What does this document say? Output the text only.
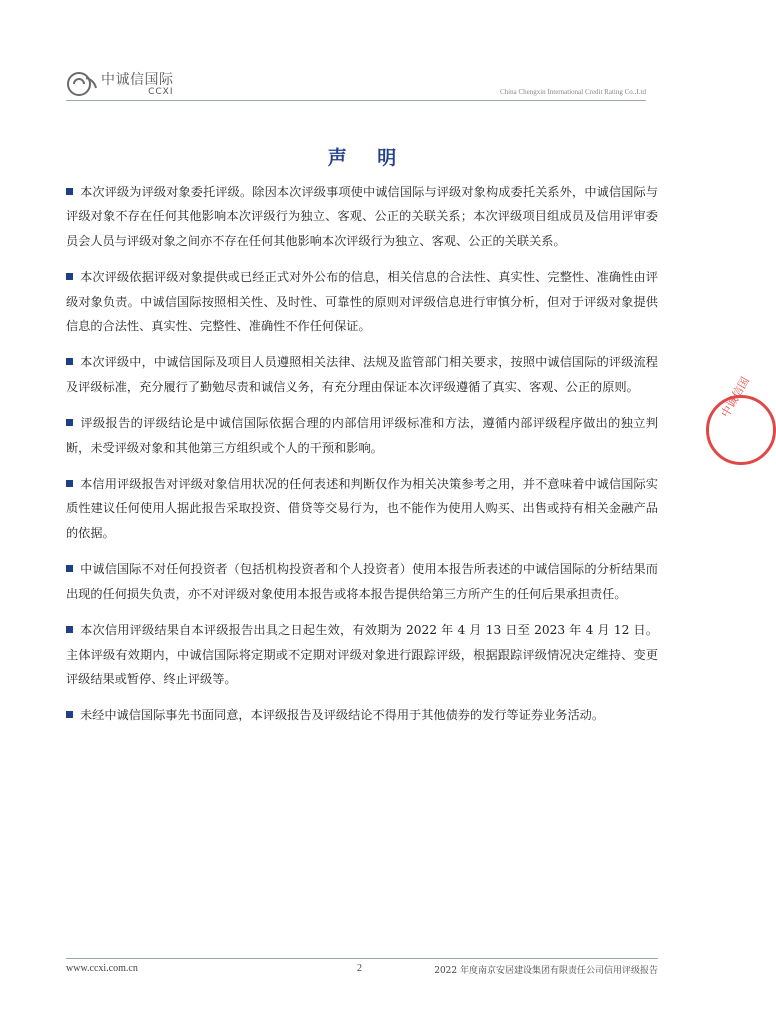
中诚信国际
CCXI	China Chengxin International Credit Rating Co.,Ltd
声 明

本次评级为评级对象委托评级。除因本次评级事项使中诚信国际与评级对象构成委托关系外，中诚信国际与评级对象不存在任何其他影响本次评级行为独立、客观、公正的关联关系；本次评级项目组成员及信用评审委员会人员与评级对象之间亦不存在任何其他影响本次评级行为独立、客观、公正的关联关系。

本次评级依据评级对象提供或已经正式对外公布的信息，相关信息的合法性、真实性、完整性、准确性由评级对象负责。中诚信国际按照相关性、及时性、可靠性的原则对评级信息进行审慎分析，但对于评级对象提供信息的合法性、真实性、完整性、准确性不作任何保证。

本次评级中，中诚信国际及项目人员遵照相关法律、法规及监管部门相关要求，按照中诚信国际的评级流程及评级标准，充分履行了勤勉尽责和诚信义务，有充分理由保证本次评级遵循了真实、客观、公正的原则。

评级报告的评级结论是中诚信国际依据合理的内部信用评级标准和方法，遵循内部评级程序做出的独立判断，未受评级对象和其他第三方组织或个人的干预和影响。

本信用评级报告对评级对象信用状况的任何表述和判断仅作为相关决策参考之用，并不意味着中诚信国际实质性建议任何使用人据此报告采取投资、借贷等交易行为，也不能作为使用人购买、出售或持有相关金融产品的依据。

中诚信国际不对任何投资者（包括机构投资者和个人投资者）使用本报告所表述的中诚信国际的分析结果而出现的任何损失负责，亦不对评级对象使用本报告或将本报告提供给第三方所产生的任何后果承担责任。

本次信用评级结果自本评级报告出具之日起生效，有效期为 2022 年 4 月 13 日至 2023 年 4 月 12 日。主体评级有效期内，中诚信国际将定期或不定期对评级对象进行跟踪评级，根据跟踪评级情况决定维持、变更评级结果或暂停、终止评级等。

未经中诚信国际事先书面同意，本评级报告及评级结论不得用于其他债券的发行等证券业务活动。

中诚信国
www.ccxi.com.cn	2	2022 年度南京安居建设集团有限责任公司信用评级报告
